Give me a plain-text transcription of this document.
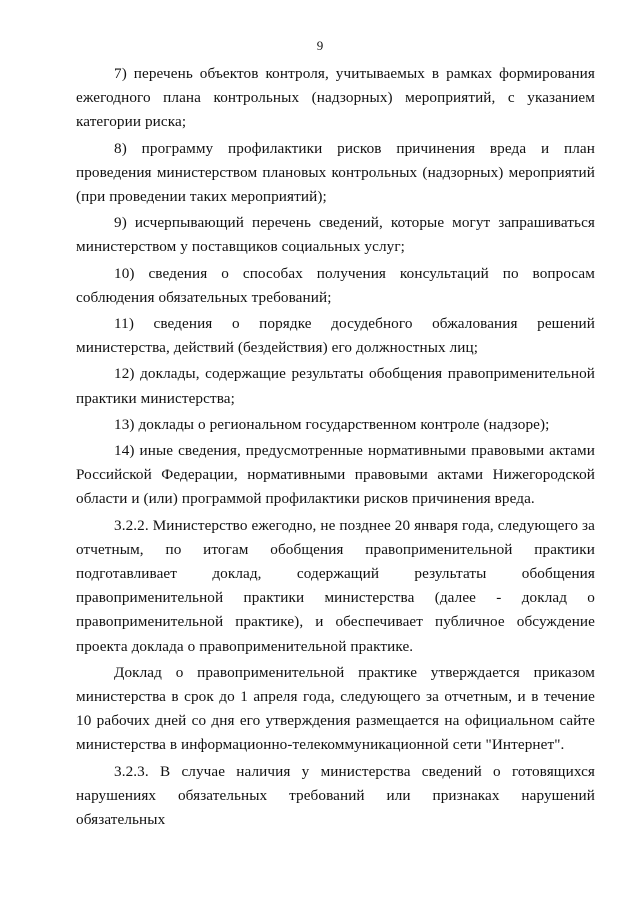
9

7) перечень объектов контроля, учитываемых в рамках формирования ежегодного плана контрольных (надзорных) мероприятий, с указанием категории риска;

8) программу профилактики рисков причинения вреда и план проведения министерством плановых контрольных (надзорных) мероприятий (при проведении таких мероприятий);

9) исчерпывающий перечень сведений, которые могут запрашиваться министерством у поставщиков социальных услуг;

10) сведения о способах получения консультаций по вопросам соблюдения обязательных требований;

11) сведения о порядке досудебного обжалования решений министерства, действий (бездействия) его должностных лиц;

12) доклады, содержащие результаты обобщения правоприменительной практики министерства;

13) доклады о региональном государственном контроле (надзоре);

14) иные сведения, предусмотренные нормативными правовыми актами Российской Федерации, нормативными правовыми актами Нижегородской области и (или) программой профилактики рисков причинения вреда.

3.2.2. Министерство ежегодно, не позднее 20 января года, следующего за отчетным, по итогам обобщения правоприменительной практики подготавливает доклад, содержащий результаты обобщения правоприменительной практики министерства (далее - доклад о правоприменительной практике), и обеспечивает публичное обсуждение проекта доклада о правоприменительной практике.

Доклад о правоприменительной практике утверждается приказом министерства в срок до 1 апреля года, следующего за отчетным, и в течение 10 рабочих дней со дня его утверждения размещается на официальном сайте министерства в информационно-телекоммуникационной сети "Интернет".

3.2.3. В случае наличия у министерства сведений о готовящихся нарушениях обязательных требований или признаках нарушений обязательных
